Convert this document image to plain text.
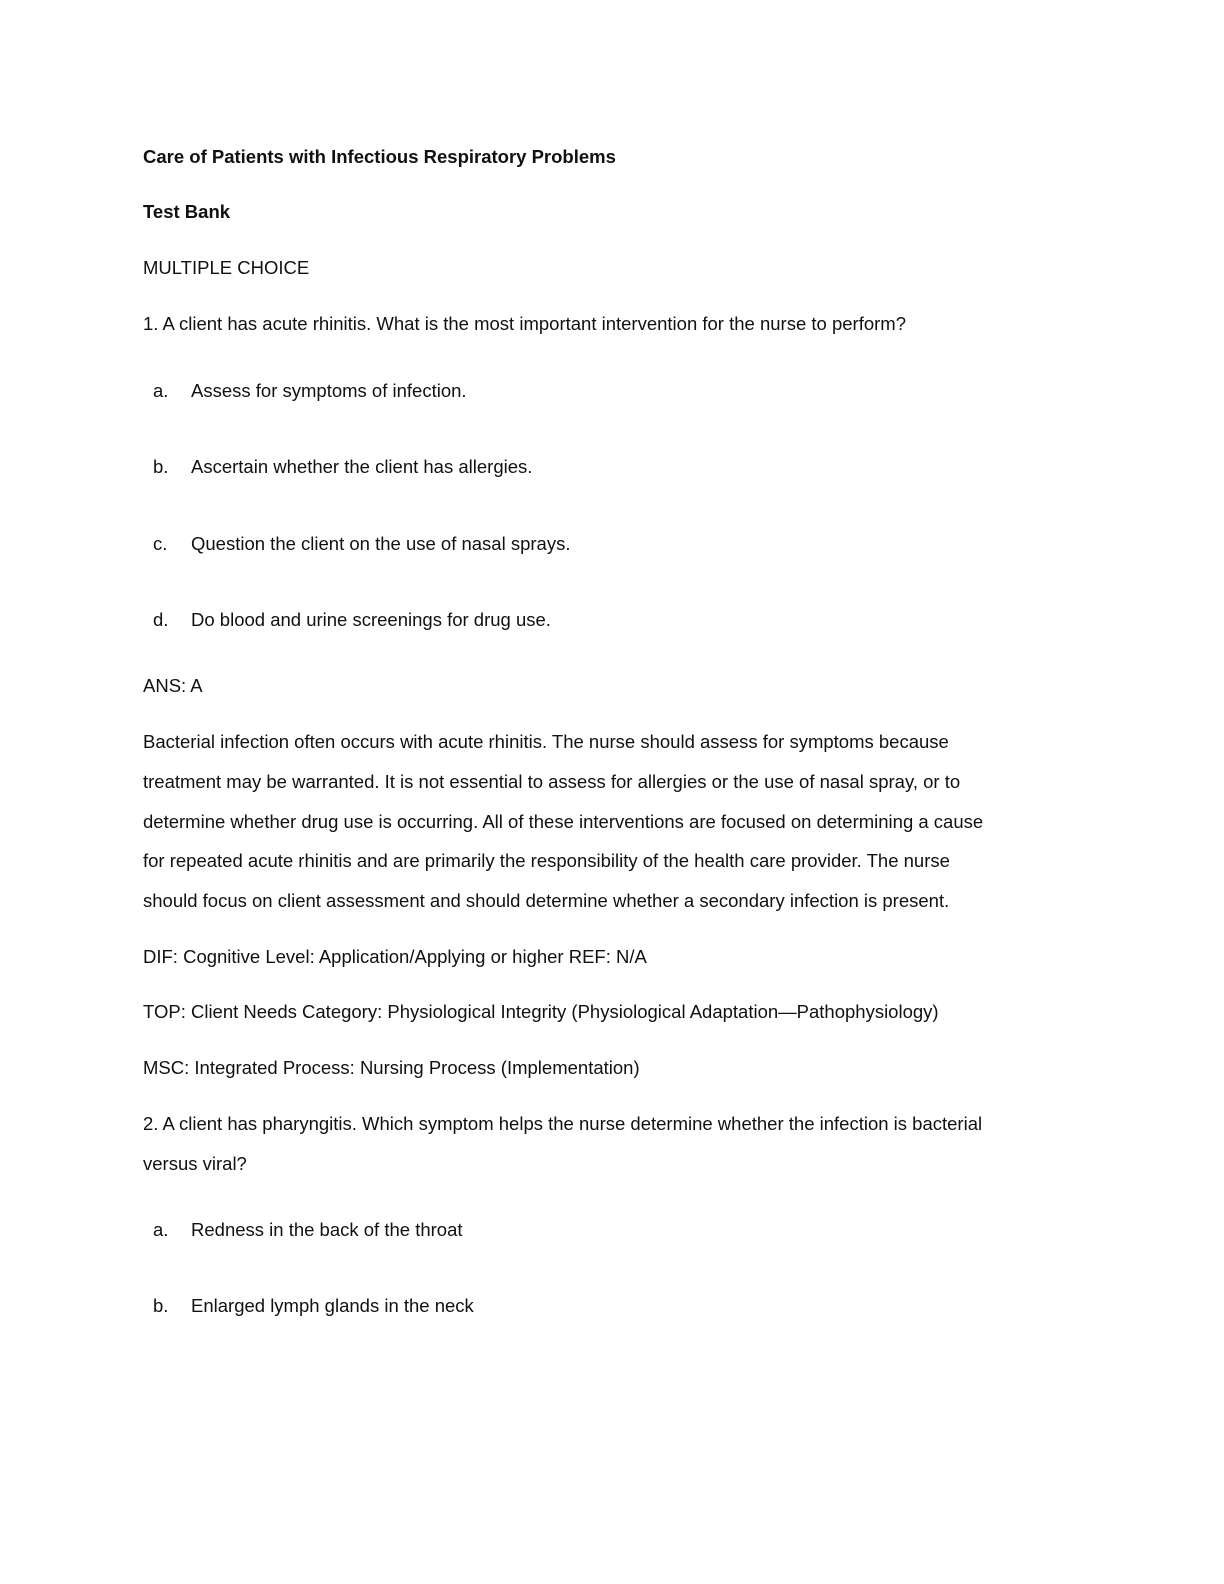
Care of Patients with Infectious Respiratory Problems
Test Bank
MULTIPLE CHOICE
1. A client has acute rhinitis. What is the most important intervention for the nurse to perform?
a. Assess for symptoms of infection.
b. Ascertain whether the client has allergies.
c. Question the client on the use of nasal sprays.
d. Do blood and urine screenings for drug use.
ANS: A
Bacterial infection often occurs with acute rhinitis. The nurse should assess for symptoms because
treatment may be warranted. It is not essential to assess for allergies or the use of nasal spray, or to
determine whether drug use is occurring. All of these interventions are focused on determining a cause
for repeated acute rhinitis and are primarily the responsibility of the health care provider. The nurse
should focus on client assessment and should determine whether a secondary infection is present.
DIF: Cognitive Level: Application/Applying or higher REF: N/A
TOP: Client Needs Category: Physiological Integrity (Physiological Adaptation—Pathophysiology)
MSC: Integrated Process: Nursing Process (Implementation)
2. A client has pharyngitis. Which symptom helps the nurse determine whether the infection is bacterial
versus viral?
a. Redness in the back of the throat
b. Enlarged lymph glands in the neck
